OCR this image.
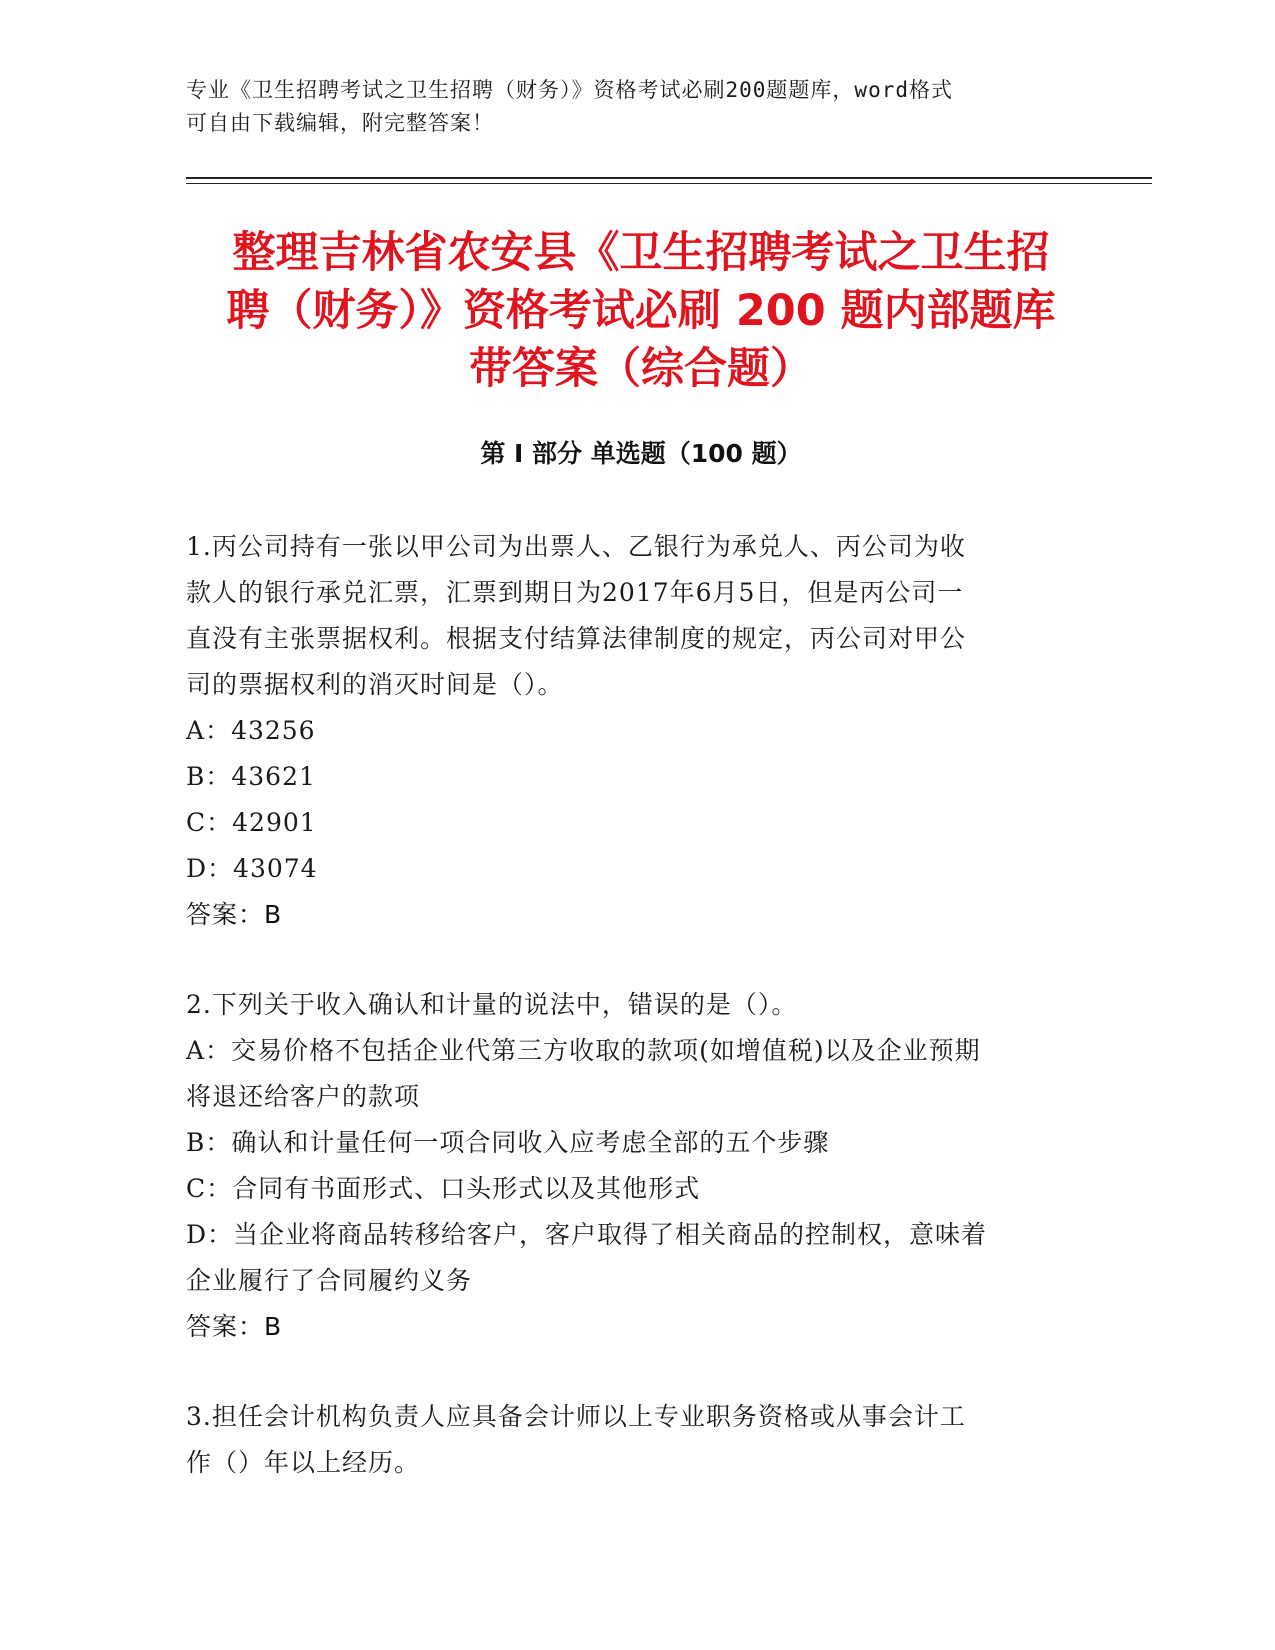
专业《卫生招聘考试之卫生招聘（财务）》资格考试必刷200题题库，word格式
可自由下载编辑，附完整答案！
整理吉林省农安县《卫生招聘考试之卫生招
聘（财务）》资格考试必刷 200 题内部题库
带答案（综合题）
第 I 部分 单选题（100 题）
1.丙公司持有一张以甲公司为出票人、乙银行为承兑人、丙公司为收
款人的银行承兑汇票，汇票到期日为2017年6月5日，但是丙公司一
直没有主张票据权利。根据支付结算法律制度的规定，丙公司对甲公
司的票据权利的消灭时间是（）。
A：43256
B：43621
C：42901
D：43074
答案：B
2.下列关于收入确认和计量的说法中，错误的是（）。
A：交易价格不包括企业代第三方收取的款项(如增值税)以及企业预期
将退还给客户的款项
B：确认和计量任何一项合同收入应考虑全部的五个步骤
C：合同有书面形式、口头形式以及其他形式
D：当企业将商品转移给客户，客户取得了相关商品的控制权，意味着
企业履行了合同履约义务
答案：B
3.担任会计机构负责人应具备会计师以上专业职务资格或从事会计工
作（）年以上经历。
